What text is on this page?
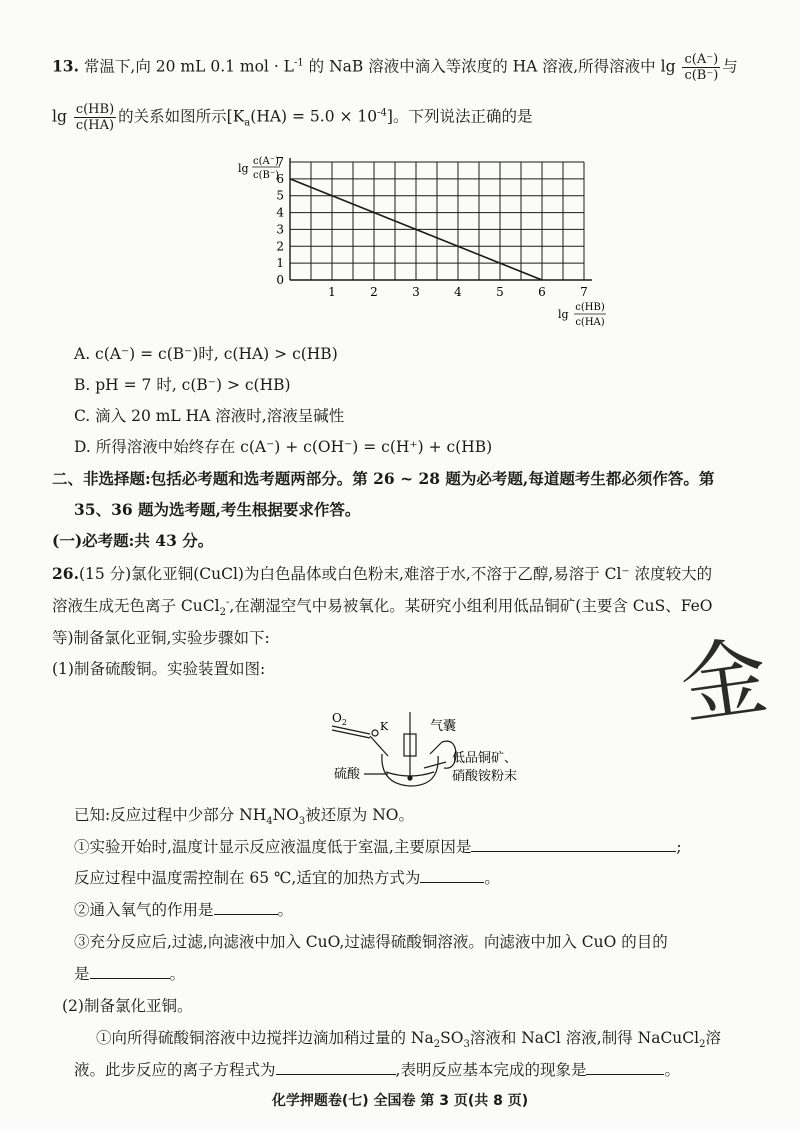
13. 常温下,向 20 mL 0.1 mol · $L^{-1}$ 的 NaB 溶液中滴入等浓度的 HA 溶液,所得溶液中 $\lg \frac{c(A^-)}{c(B^-)}$ 与
$\lg \frac{c(HB)}{c(HA)}$ 的关系如图所示$[K_a(HA) = 5.0 \times 10^{-4}]$。下列说法正确的是
1	2	3	4	5	6	7
0
1
2
3
4
5
6
7
lg
c(A⁻)
c(B⁻)
lg
c(HB)
c(HA)
A. c(A⁻) = c(B⁻)时, c(HA) > c(HB)
B. pH = 7 时, c(B⁻) > c(HB)
C. 滴入 20 mL HA 溶液时,溶液呈碱性
D. 所得溶液中始终存在 c(A⁻) + c(OH⁻) = c(H⁺) + c(HB)
二、非选择题:包括必考题和选考题两部分。第 26 ~ 28 题为必考题,每道题考生都必须作答。第
35、36 题为选考题,考生根据要求作答。
(一)必考题:共 43 分。
26.(15 分)氯化亚铜(CuCl)为白色晶体或白色粉末,难溶于水,不溶于乙醇,易溶于 Cl⁻ 浓度较大的
溶液生成无色离子 CuCl$_2$-,在潮湿空气中易被氧化。某研究小组利用低品铜矿(主要含 CuS、FeO
等)制备氯化亚铜,实验步骤如下:
(1)制备硫酸铜。实验装置如图:	金
$O_2$	K	气囊
硫酸
低品铜矿、
硝酸铵粉末
已知:反应过程中少部分 $NH_4NO_3$被还原为 NO。
①实验开始时,温度计显示反应液温度低于室温,主要原因是	;
反应过程中温度需控制在 65 ℃,适宜的加热方式为	。
②通入氧气的作用是	。
③充分反应后,过滤,向滤液中加入 CuO,过滤得硫酸铜溶液。向滤液中加入 CuO 的目的
是	。
(2)制备氯化亚铜。
①向所得硫酸铜溶液中边搅拌边滴加稍过量的 $Na_2SO_3$溶液和 NaCl 溶液,制得 NaCuCl$_2$溶
液。此步反应的离子方程式为	,表明反应基本完成的现象是	。
化学押题卷(七) 全国卷 第 3 页(共 8 页)
